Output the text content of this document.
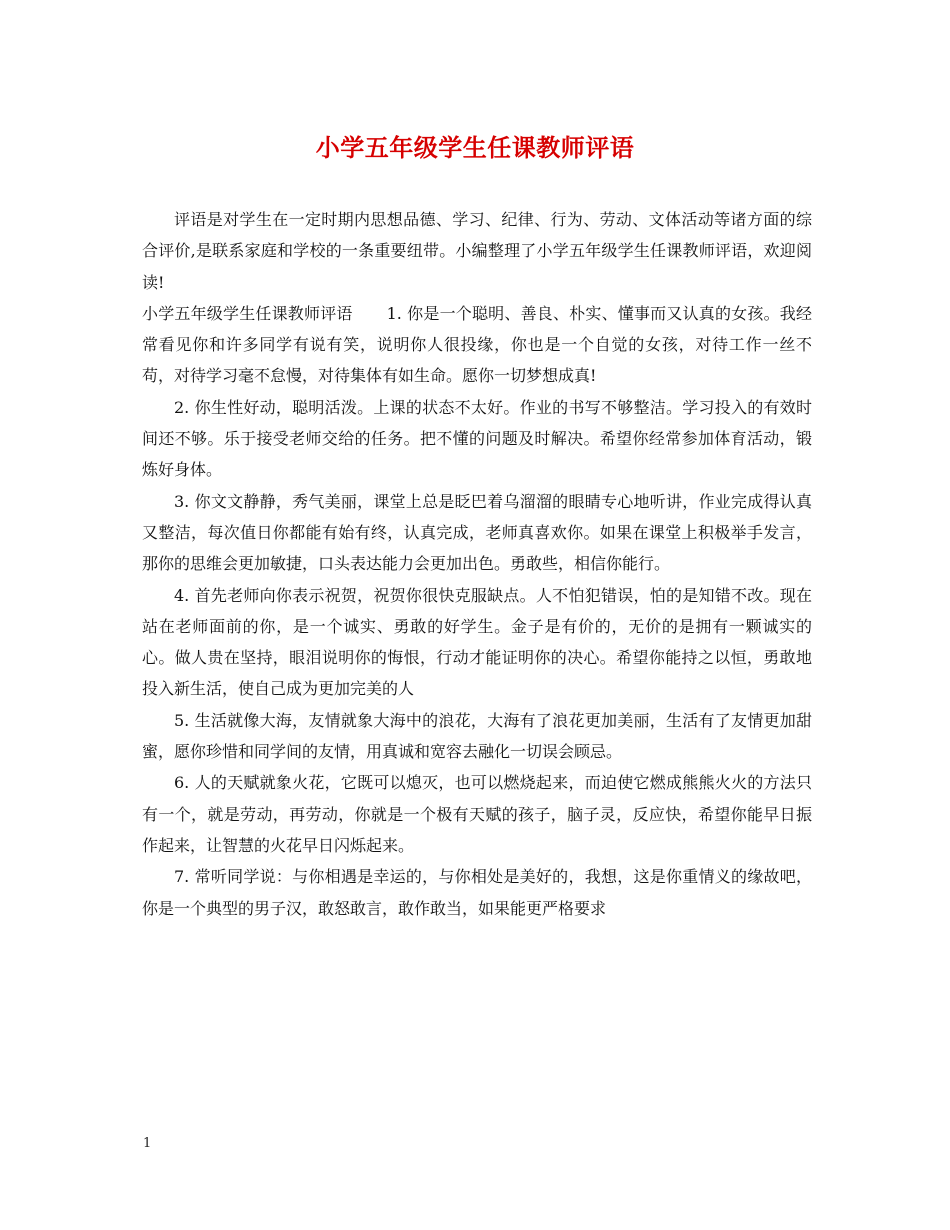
小学五年级学生任课教师评语

评语是对学生在一定时期内思想品德、学习、纪律、行为、劳动、文体活动等诸方面的综合评价,是联系家庭和学校的一条重要纽带。小编整理了小学五年级学生任课教师评语，欢迎阅读!

小学五年级学生任课教师评语 1. 你是一个聪明、善良、朴实、懂事而又认真的女孩。我经常看见你和许多同学有说有笑，说明你人很投缘，你也是一个自觉的女孩，对待工作一丝不苟，对待学习毫不怠慢，对待集体有如生命。愿你一切梦想成真!

2. 你生性好动，聪明活泼。上课的状态不太好。作业的书写不够整洁。学习投入的有效时间还不够。乐于接受老师交给的任务。把不懂的问题及时解决。希望你经常参加体育活动，锻炼好身体。

3. 你文文静静，秀气美丽，课堂上总是眨巴着乌溜溜的眼睛专心地听讲，作业完成得认真又整洁，每次值日你都能有始有终，认真完成，老师真喜欢你。如果在课堂上积极举手发言，那你的思维会更加敏捷，口头表达能力会更加出色。勇敢些，相信你能行。

4. 首先老师向你表示祝贺，祝贺你很快克服缺点。人不怕犯错误，怕的是知错不改。现在站在老师面前的你，是一个诚实、勇敢的好学生。金子是有价的，无价的是拥有一颗诚实的心。做人贵在坚持，眼泪说明你的悔恨，行动才能证明你的决心。希望你能持之以恒，勇敢地投入新生活，使自己成为更加完美的人

5. 生活就像大海，友情就象大海中的浪花，大海有了浪花更加美丽，生活有了友情更加甜蜜，愿你珍惜和同学间的友情，用真诚和宽容去融化一切误会顾忌。

6. 人的天赋就象火花，它既可以熄灭，也可以燃烧起来，而迫使它燃成熊熊火火的方法只有一个，就是劳动，再劳动，你就是一个极有天赋的孩子，脑子灵，反应快，希望你能早日振作起来，让智慧的火花早日闪烁起来。

7. 常听同学说：与你相遇是幸运的，与你相处是美好的，我想，这是你重情义的缘故吧，你是一个典型的男子汉，敢怒敢言，敢作敢当，如果能更严格要求

1
